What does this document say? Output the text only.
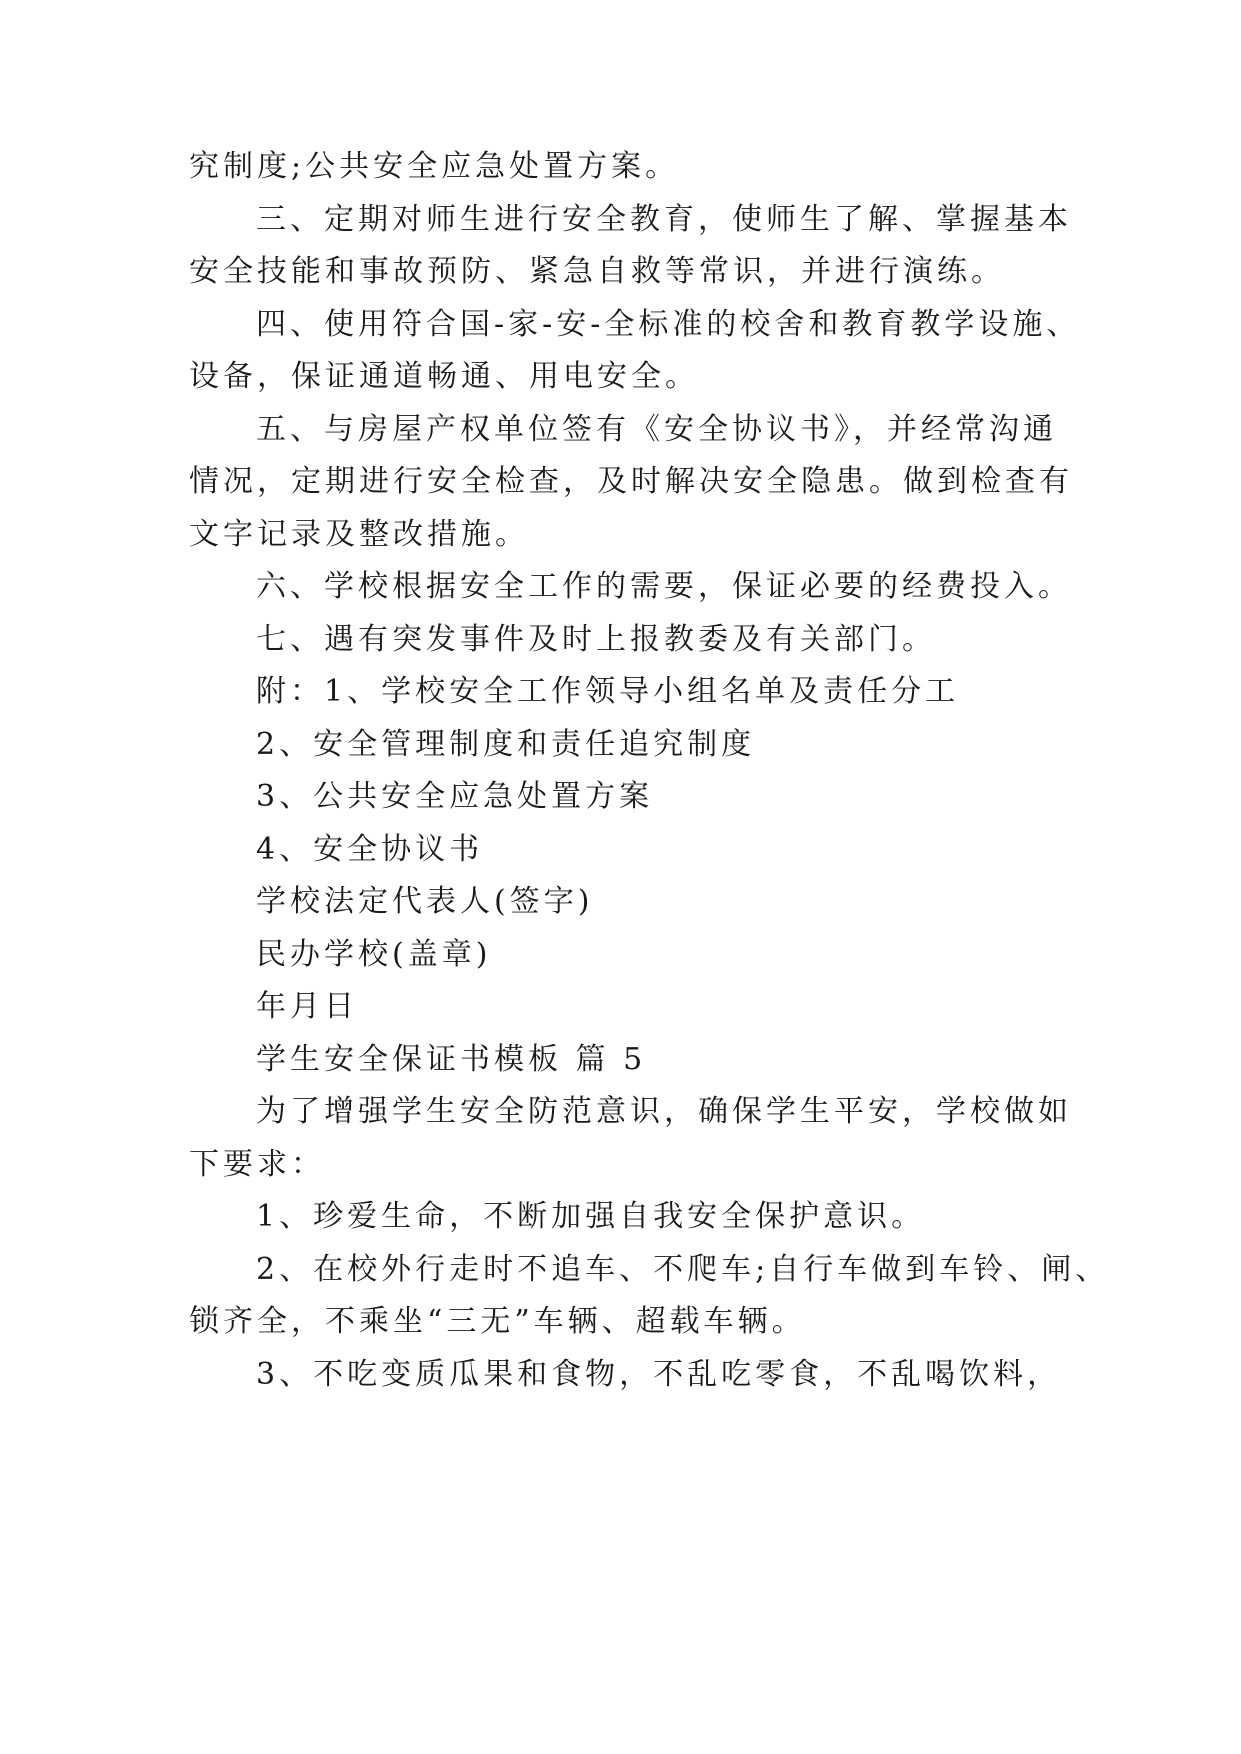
究制度;公共安全应急处置方案。
三、定期对师生进行安全教育，使师生了解、掌握基本
安全技能和事故预防、紧急自救等常识，并进行演练。
四、使用符合国-家-安-全标准的校舍和教育教学设施、
设备，保证通道畅通、用电安全。
五、与房屋产权单位签有《安全协议书》，并经常沟通
情况，定期进行安全检查，及时解决安全隐患。做到检查有
文字记录及整改措施。
六、学校根据安全工作的需要，保证必要的经费投入。
七、遇有突发事件及时上报教委及有关部门。
附：1、学校安全工作领导小组名单及责任分工
2、安全管理制度和责任追究制度
3、公共安全应急处置方案
4、安全协议书
学校法定代表人(签字)
民办学校(盖章)
年月日
学生安全保证书模板 篇 5
为了增强学生安全防范意识，确保学生平安，学校做如
下要求：
1、珍爱生命，不断加强自我安全保护意识。
2、在校外行走时不追车、不爬车;自行车做到车铃、闸、
锁齐全，不乘坐“三无”车辆、超载车辆。
3、不吃变质瓜果和食物，不乱吃零食，不乱喝饮料，
